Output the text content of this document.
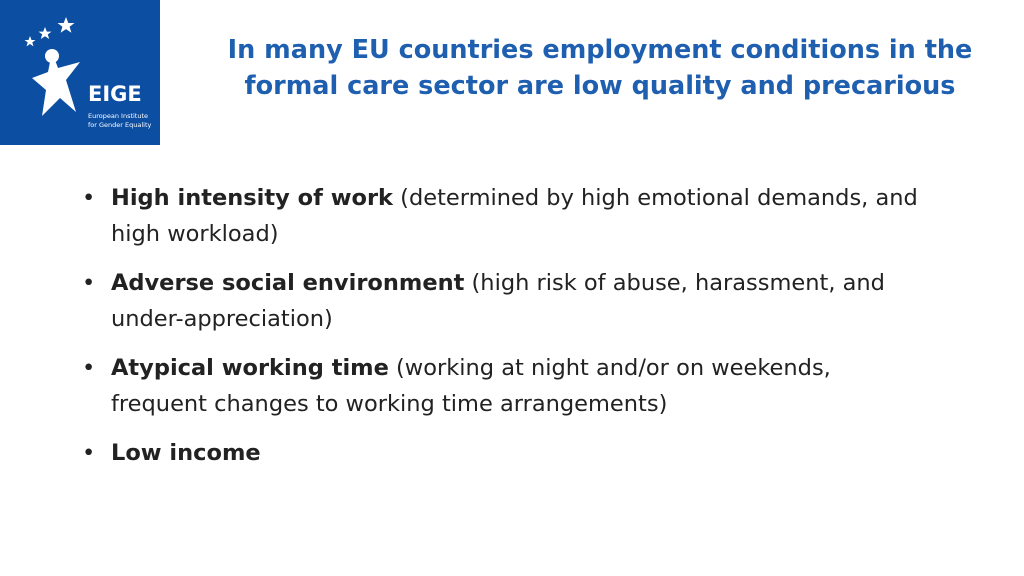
EIGE
European Institute
for Gender Equality
In many EU countries employment conditions in the
formal care sector are low quality and precarious
• High intensity of work (determined by high emotional demands, and
high workload)
• Adverse social environment (high risk of abuse, harassment, and
under-appreciation)
• Atypical working time (working at night and/or on weekends,
frequent changes to working time arrangements)
• Low income
